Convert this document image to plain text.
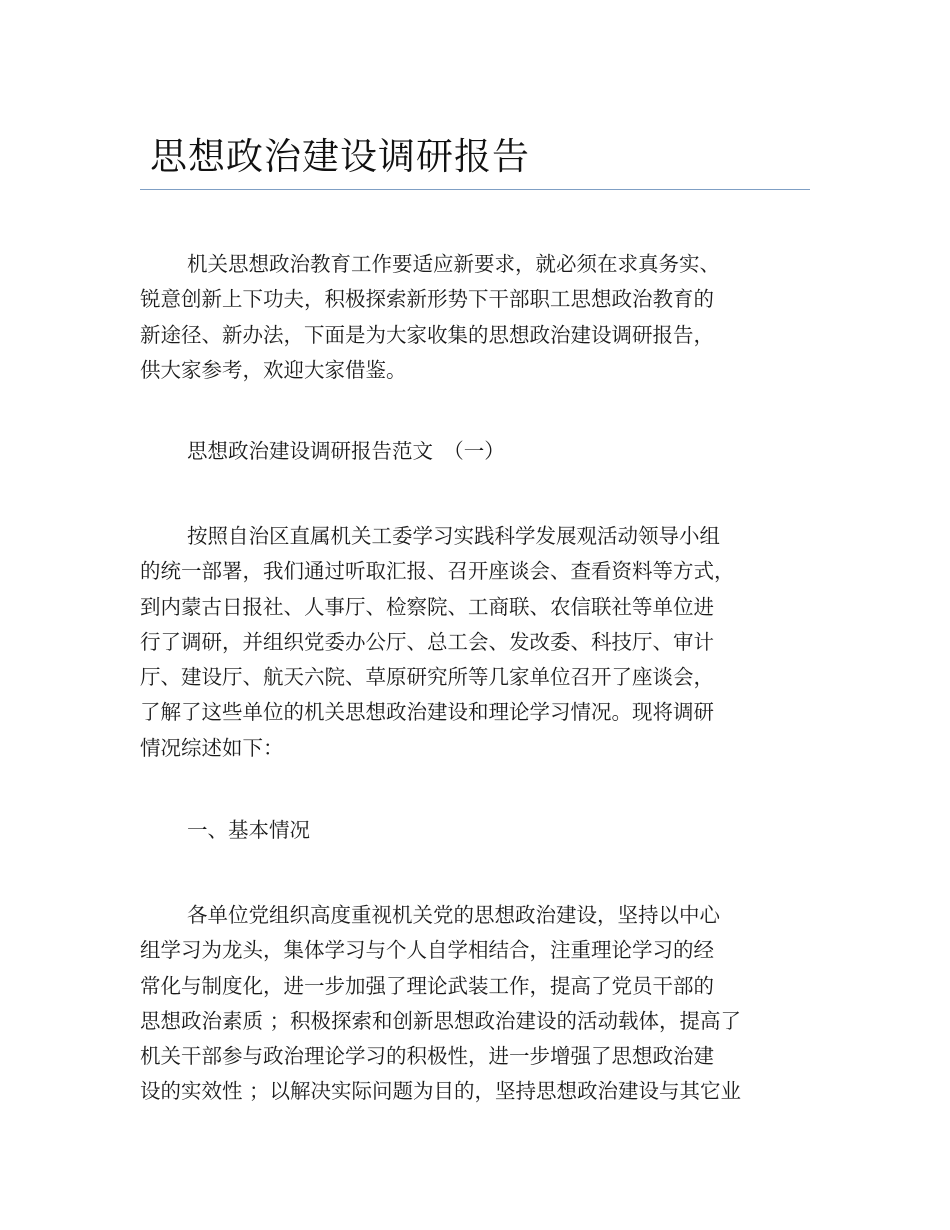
思想政治建设调研报告

机关思想政治教育工作要适应新要求，就必须在求真务实、
锐意创新上下功夫，积极探索新形势下干部职工思想政治教育的
新途径、新办法，下面是为大家收集的思想政治建设调研报告，
供大家参考，欢迎大家借鉴。

思想政治建设调研报告范文　（一）

按照自治区直属机关工委学习实践科学发展观活动领导小组
的统一部署，我们通过听取汇报、召开座谈会、查看资料等方式，
到内蒙古日报社、人事厅、检察院、工商联、农信联社等单位进
行了调研，并组织党委办公厅、总工会、发改委、科技厅、审计
厅、建设厅、航天六院、草原研究所等几家单位召开了座谈会，
了解了这些单位的机关思想政治建设和理论学习情况。现将调研
情况综述如下：

一、基本情况

各单位党组织高度重视机关党的思想政治建设，坚持以中心
组学习为龙头，集体学习与个人自学相结合，注重理论学习的经
常化与制度化，进一步加强了理论武装工作，提高了党员干部的
思想政治素质 ；积极探索和创新思想政治建设的活动载体，提高了
机关干部参与政治理论学习的积极性，进一步增强了思想政治建
设的实效性 ；以解决实际问题为目的，坚持思想政治建设与其它业
